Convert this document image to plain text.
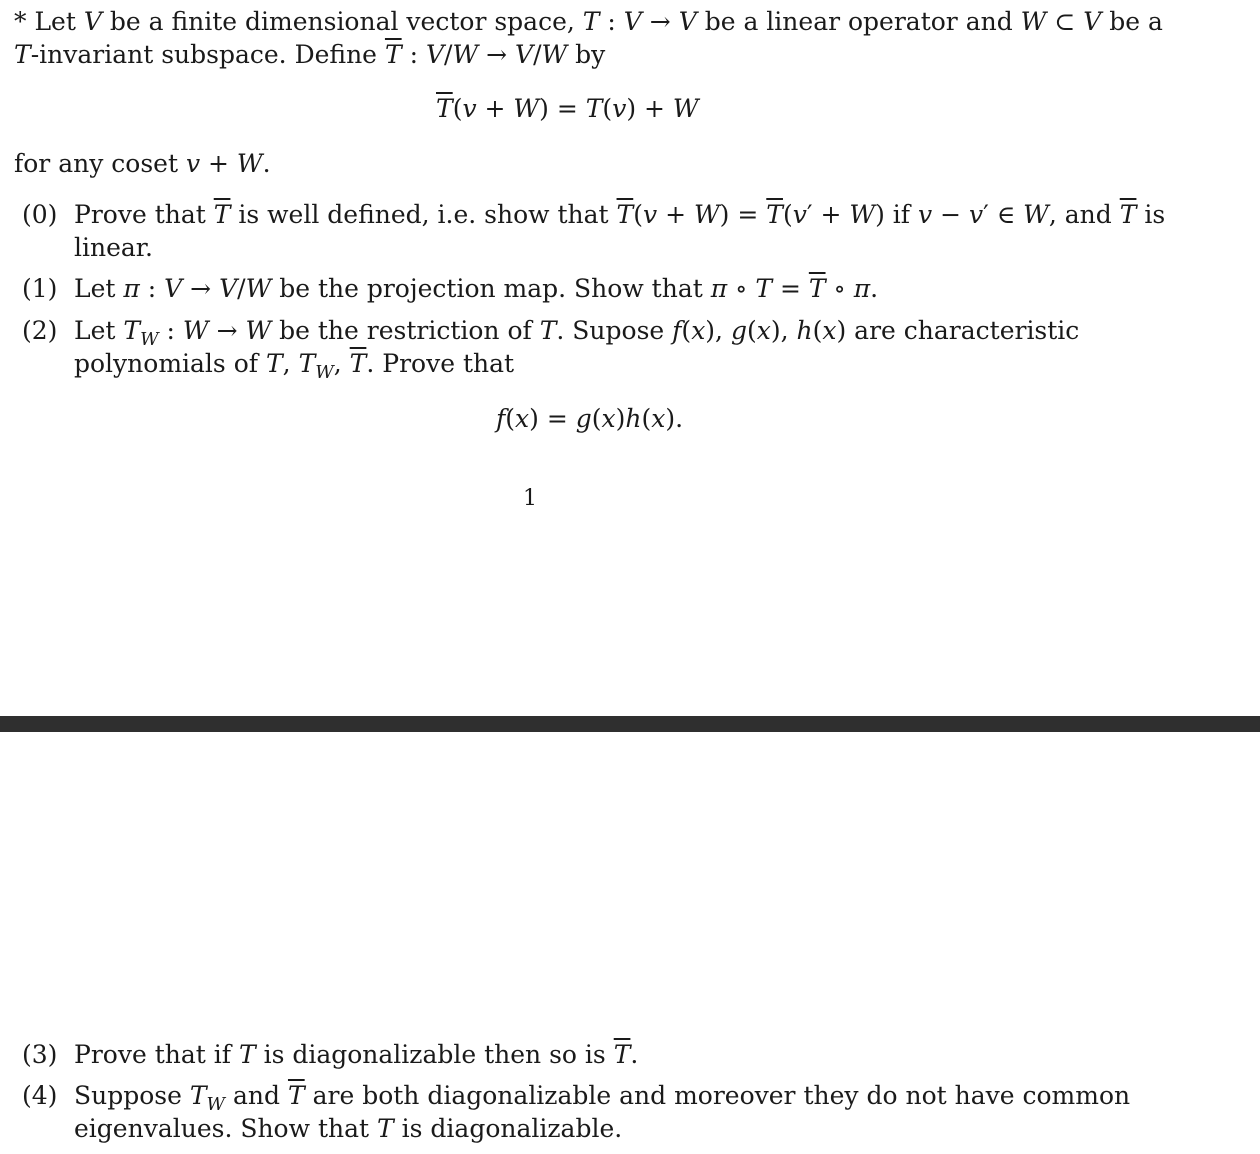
* Let V be a finite dimensional vector space, T : V → V be a linear operator and W ⊂ V be a
T-invariant subspace. Define $\overline{T}$ : V/W → V/W by
$\overline{T}(v + W) = T(v) + W$
for any coset v + W.
(0) Prove that $\overline{T}$ is well defined, i.e. show that $\overline{T}(v + W) = \overline{T}(v' + W)$ if v − v′ ∈ W, and $\overline{T}$ is
linear.
(1) Let π : V → V/W be the projection map. Show that π ∘ $T = \overline{T}$ ∘ π.
(2) Let $T_W$ : W → W be the restriction of T. Supose f(x), g(x), h(x) are characteristic
polynomials of T, $T_W$, $\overline{T}$. Prove that
f(x) = g(x)h(x).
1
(3) Prove that if T is diagonalizable then so is $\overline{T}$.
(4) Suppose $T_W$ and $\overline{T}$ are both diagonalizable and moreover they do not have common
eigenvalues. Show that T is diagonalizable.
